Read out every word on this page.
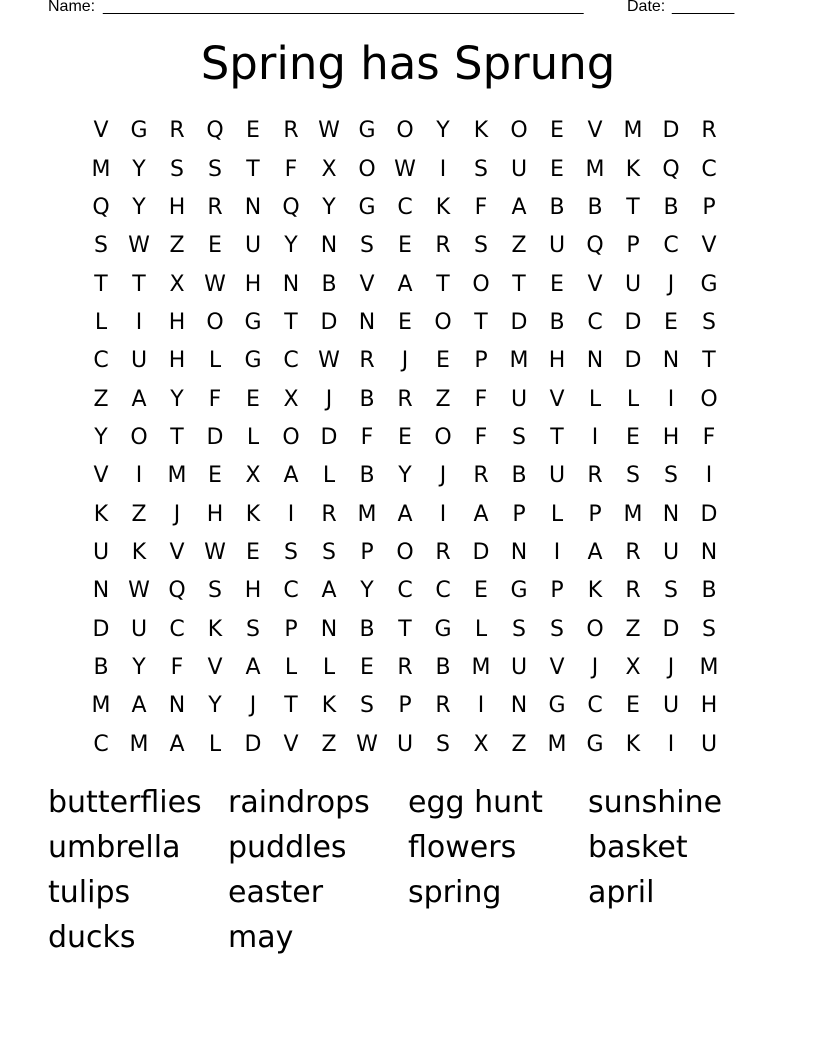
Name: ______________________________________________________	Date: _______
Spring has Sprung
V G R Q	E	R W G O	Y	K	O	E	V M D R
M Y	S	S	T	F	X O W	I	S	U	E M K	Q C
Q	Y	H	R	N Q	Y	G C	K	F	A	B	B	T	B	P
S W Z	E	U	Y	N	S	E	R	S	Z	U Q	P	C	V
T	T	X W H N	B	V	A	T	O	T	E	V	U	J	G
L	I	H O G	T	D N	E	O	T	D B	C D	E	S
C	U H	L	G C W R	J	E	P M H N D N	T
Z	A	Y	F	E	X	J	B	R	Z	F	U	V	L	L	I	O
Y	O	T	D	L	O D	F	E	O	F	S	T	I	E	H	F
V	I	M E	X	A	L	B	Y	J	R	B	U	R	S	S	I
K	Z	J	H	K	I	R M A	I	A	P	L	P M N D
U	K	V W E	S	S	P	O R D N	I	A	R	U N
N W Q	S	H	C	A	Y	C	C	E	G	P	K	R	S	B
D U	C	K	S	P	N	B	T	G	L	S	S	O Z D	S
B	Y	F	V	A	L	L	E	R	B M U	V	J	X	J	M
M A	N	Y	J	T	K	S	P	R	I	N G C	E	U H
C M A	L	D	V	Z W U	S	X	Z M G	K	I	U
butterflies raindrops	egg hunt	sunshine
umbrella	puddles	flowers	basket
tulips	easter	spring	april
ducks	may
